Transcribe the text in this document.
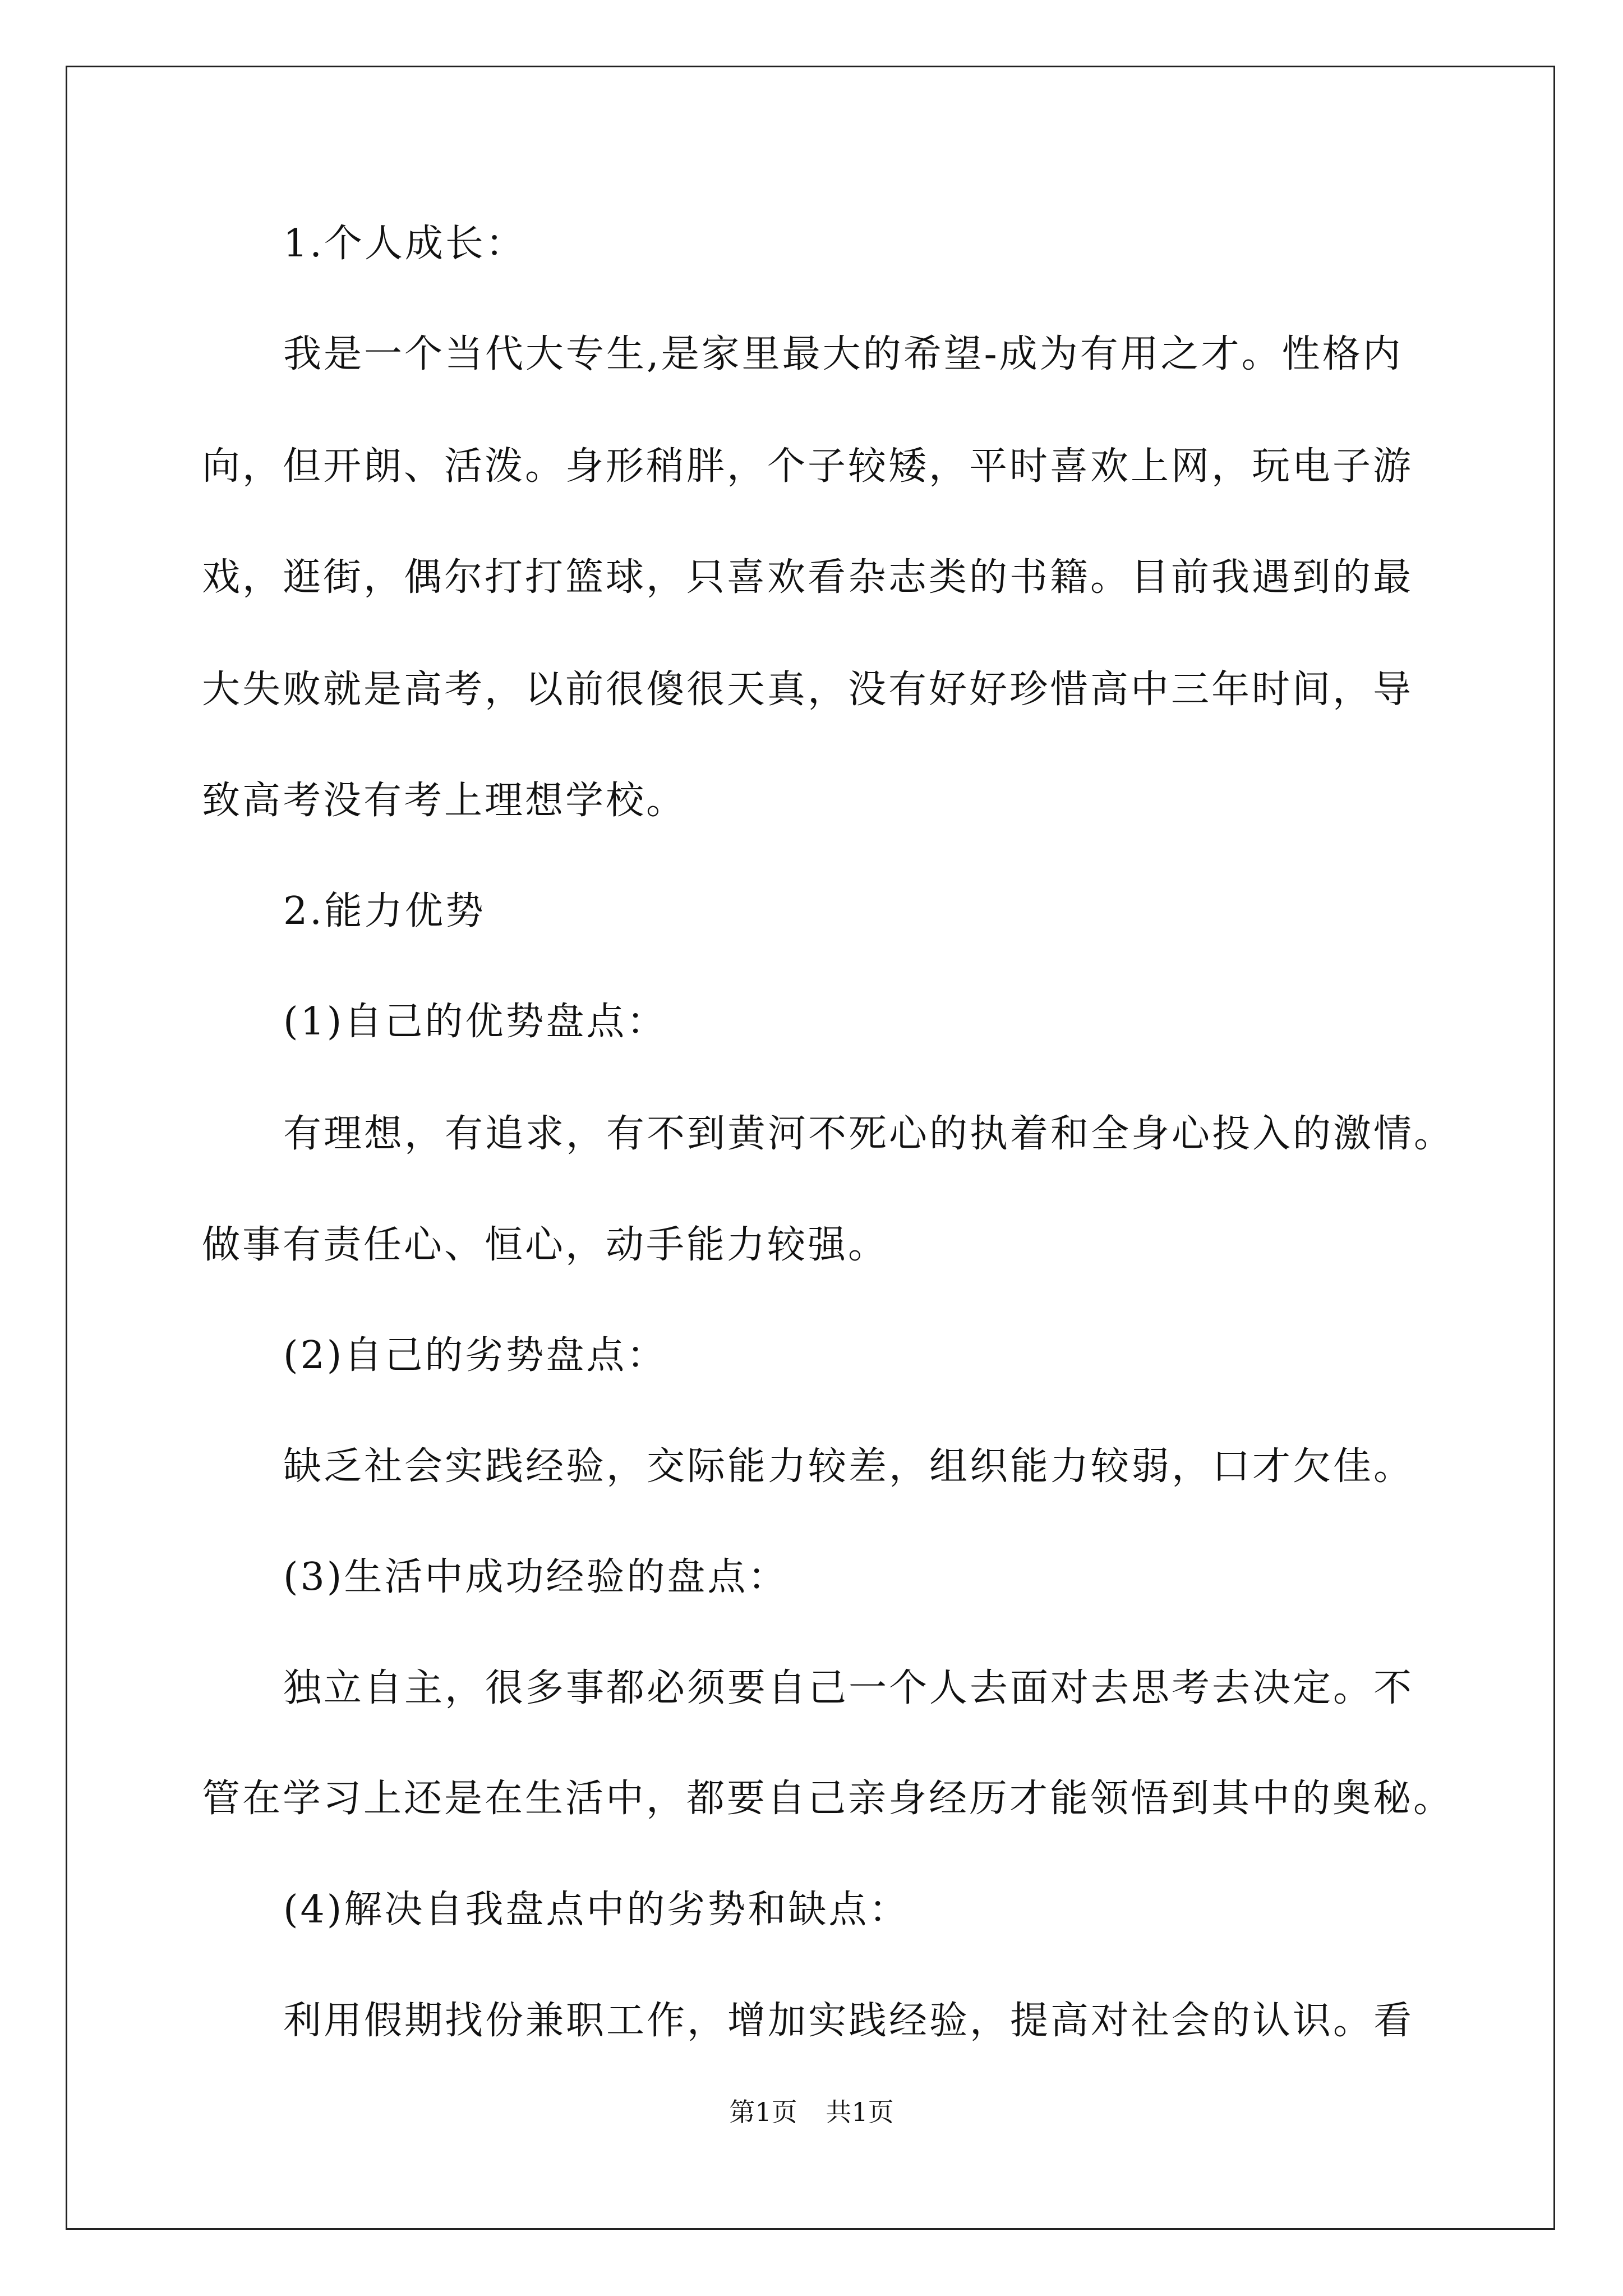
1.个人成长：
我是一个当代大专生,是家里最大的希望-成为有用之才。性格内
向，但开朗、活泼。身形稍胖，个子较矮，平时喜欢上网，玩电子游
戏，逛街，偶尔打打篮球，只喜欢看杂志类的书籍。目前我遇到的最
大失败就是高考，以前很傻很天真，没有好好珍惜高中三年时间，导
致高考没有考上理想学校。
2.能力优势
(1)自己的优势盘点：
有理想，有追求，有不到黄河不死心的执着和全身心投入的激情。
做事有责任心、恒心，动手能力较强。
(2)自己的劣势盘点：
缺乏社会实践经验，交际能力较差，组织能力较弱，口才欠佳。
(3)生活中成功经验的盘点：
独立自主，很多事都必须要自己一个人去面对去思考去决定。不
管在学习上还是在生活中，都要自己亲身经历才能领悟到其中的奥秘。
(4)解决自我盘点中的劣势和缺点：
利用假期找份兼职工作，增加实践经验，提高对社会的认识。看
第1页 共1页
